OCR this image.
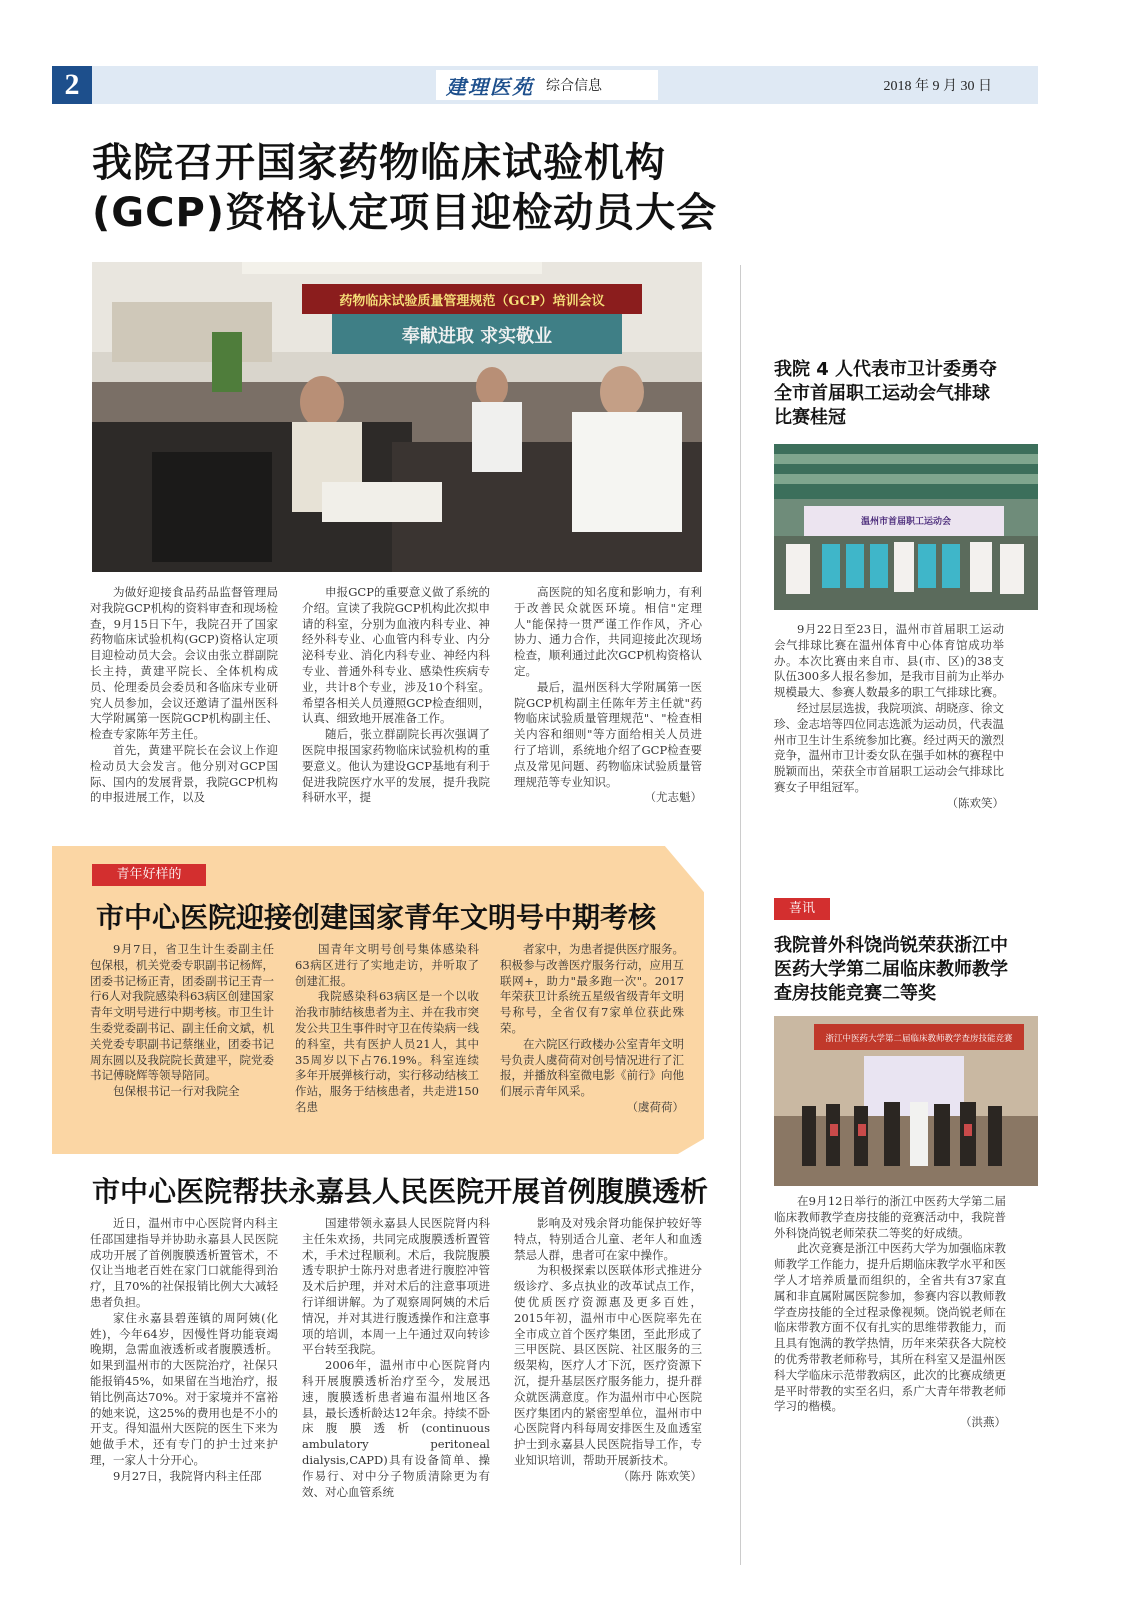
2	建理医苑 综合信息	2018 年 9 月 30 日
我院召开国家药物临床试验机构
(GCP)资格认定项目迎检动员大会
药物临床试验质量管理规范（GCP）培训会议
奉献进取 求实敬业

为做好迎接食品药品监督管理局对我院GCP机构的资料审查和现场检查，9月15日下午，我院召开了国家药物临床试验机构(GCP)资格认定项目迎检动员大会。会议由张立群副院长主持，黄建平院长、全体机构成员、伦理委员会委员和各临床专业研究人员参加，会议还邀请了温州医科大学附属第一医院GCP机构副主任、检查专家陈年芳主任。

首先，黄建平院长在会议上作迎检动员大会发言。他分别对GCP国际、国内的发展背景，我院GCP机构的申报进展工作，以及

申报GCP的重要意义做了系统的介绍。宣读了我院GCP机构此次拟申请的科室，分别为血液内科专业、神经外科专业、心血管内科专业、内分泌科专业、消化内科专业、神经内科专业、普通外科专业、感染性疾病专业，共计8个专业，涉及10个科室。希望各相关人员遵照GCP检查细则，认真、细致地开展准备工作。

随后，张立群副院长再次强调了医院申报国家药物临床试验机构的重要意义。他认为建设GCP基地有利于促进我院医疗水平的发展，提升我院科研水平，提

高医院的知名度和影响力，有利于改善民众就医环境。相信"定理人"能保持一贯严谨工作作风，齐心协力、通力合作，共同迎接此次现场检查，顺利通过此次GCP机构资格认定。

最后，温州医科大学附属第一医院GCP机构副主任陈年芳主任就"药物临床试验质量管理规范"、"检查相关内容和细则"等方面给相关人员进行了培训，系统地介绍了GCP检查要点及常见问题、药物临床试验质量管理规范等专业知识。

（尤志魁）
我院 4 人代表市卫计委勇夺全市首届职工运动会气排球比赛桂冠
温州市首届职工运动会

9月22日至23日，温州市首届职工运动会气排球比赛在温州体育中心体育馆成功举办。本次比赛由来自市、县(市、区)的38支队伍300多人报名参加，是我市目前为止举办规模最大、参赛人数最多的职工气排球比赛。

经过层层选拔，我院项滨、胡晓彦、徐文珍、金志培等四位同志选派为运动员，代表温州市卫生计生系统参加比赛。经过两天的激烈竞争，温州市卫计委女队在强手如林的赛程中脱颖而出，荣获全市首届职工运动会气排球比赛女子甲组冠军。

（陈欢笑）
青年好样的
市中心医院迎接创建国家青年文明号中期考核

9月7日，省卫生计生委副主任包保根，机关党委专职副书记杨辉，团委书记杨正青，团委副书记王青一行6人对我院感染科63病区创建国家青年文明号进行中期考核。市卫生计生委党委副书记、副主任俞文斌，机关党委专职副书记蔡继业，团委书记周东圆以及我院院长黄建平，院党委书记傅晓辉等领导陪同。

包保根书记一行对我院全

国青年文明号创号集体感染科63病区进行了实地走访，并听取了创建汇报。

我院感染科63病区是一个以收治我市肺结核患者为主、并在我市突发公共卫生事件时守卫在传染病一线的科室，共有医护人员21人，其中35周岁以下占76.19%。科室连续多年开展弹核行动，实行移动结核工作站，服务于结核患者，共走进150名患

者家中，为患者提供医疗服务。积极参与改善医疗服务行动，应用互联网+，助力"最多跑一次"。2017年荣获卫计系统五星级省级青年文明号称号，全省仅有7家单位获此殊荣。

在六院区行政楼办公室青年文明号负责人虞荷荷对创号情况进行了汇报，并播放科室微电影《前行》向他们展示青年风采。

（虞荷荷）
市中心医院帮扶永嘉县人民医院开展首例腹膜透析

近日，温州市中心医院肾内科主任邵国建指导并协助永嘉县人民医院成功开展了首例腹膜透析置管术，不仅让当地老百姓在家门口就能得到治疗，且70%的社保报销比例大大减轻患者负担。

家住永嘉县碧莲镇的周阿姨(化姓)，今年64岁，因慢性肾功能衰竭晚期，急需血液透析或者腹膜透析。如果到温州市的大医院治疗，社保只能报销45%，如果留在当地治疗，报销比例高达70%。对于家境并不富裕的她来说，这25%的费用也是不小的开支。得知温州大医院的医生下来为她做手术，还有专门的护士过来护理，一家人十分开心。

9月27日，我院肾内科主任邵

国建带领永嘉县人民医院肾内科主任朱欢扬，共同完成腹膜透析置管术，手术过程顺利。术后，我院腹膜透专职护士陈丹对患者进行腹腔冲管及术后护理，并对术后的注意事项进行详细讲解。为了观察周阿姨的术后情况，并对其进行腹透操作和注意事项的培训，本周一上午通过双向转诊平台转至我院。

2006年，温州市中心医院肾内科开展腹膜透析治疗至今，发展迅速，腹膜透析患者遍布温州地区各县，最长透析龄达12年余。持续不卧床腹膜透析(continuous ambulatory peritoneal dialysis,CAPD)具有设备简单、操作易行、对中分子物质清除更为有效、对心血管系统

影响及对残余肾功能保护较好等特点，特别适合儿童、老年人和血透禁忌人群，患者可在家中操作。

为积极探索以医联体形式推进分级诊疗、多点执业的改革试点工作，使优质医疗资源惠及更多百姓，2015年初，温州市中心医院率先在全市成立首个医疗集团，至此形成了三甲医院、县区医院、社区服务的三级架构，医疗人才下沉，医疗资源下沉，提升基层医疗服务能力，提升群众就医满意度。作为温州市中心医院医疗集团内的紧密型单位，温州市中心医院肾内科每周安排医生及血透室护士到永嘉县人民医院指导工作，专业知识培训，帮助开展新技术。

（陈丹 陈欢笑）
喜讯
我院普外科饶尚锐荣获浙江中医药大学第二届临床教师教学查房技能竞赛二等奖
浙江中医药大学第二届临床教师教学查房技能竞赛

在9月12日举行的浙江中医药大学第二届临床教师教学查房技能的竞赛活动中，我院普外科饶尚锐老师荣获二等奖的好成绩。

此次竞赛是浙江中医药大学为加强临床教师教学工作能力，提升后期临床教学水平和医学人才培养质量而组织的，全省共有37家直属和非直属附属医院参加，参赛内容以教师教学查房技能的全过程录像视频。饶尚锐老师在临床带教方面不仅有扎实的思维带教能力，而且具有饱满的教学热情，历年来荣获各大院校的优秀带教老师称号，其所在科室又是温州医科大学临床示范带教病区，此次的比赛成绩更是平时带教的实至名归，系广大青年带教老师学习的楷模。

（洪燕）
